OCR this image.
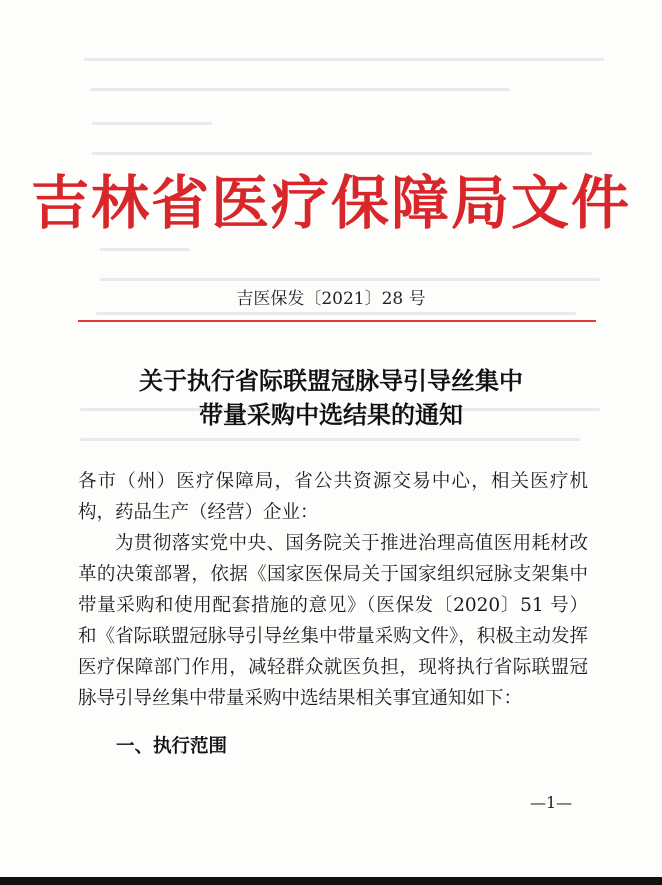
吉林省医疗保障局文件
吉医保发〔2021〕28 号
关于执行省际联盟冠脉导引导丝集中
带量采购中选结果的通知

各市（州）医疗保障局，省公共资源交易中心，相关医疗机构，药品生产（经营）企业：

为贯彻落实党中央、国务院关于推进治理高值医用耗材改革的决策部署，依据《国家医保局关于国家组织冠脉支架集中带量采购和使用配套措施的意见》（医保发〔2020〕51 号）和《省际联盟冠脉导引导丝集中带量采购文件》，积极主动发挥医疗保障部门作用，减轻群众就医负担，现将执行省际联盟冠脉导引导丝集中带量采购中选结果相关事宜通知如下：

一、执行范围
—1—
